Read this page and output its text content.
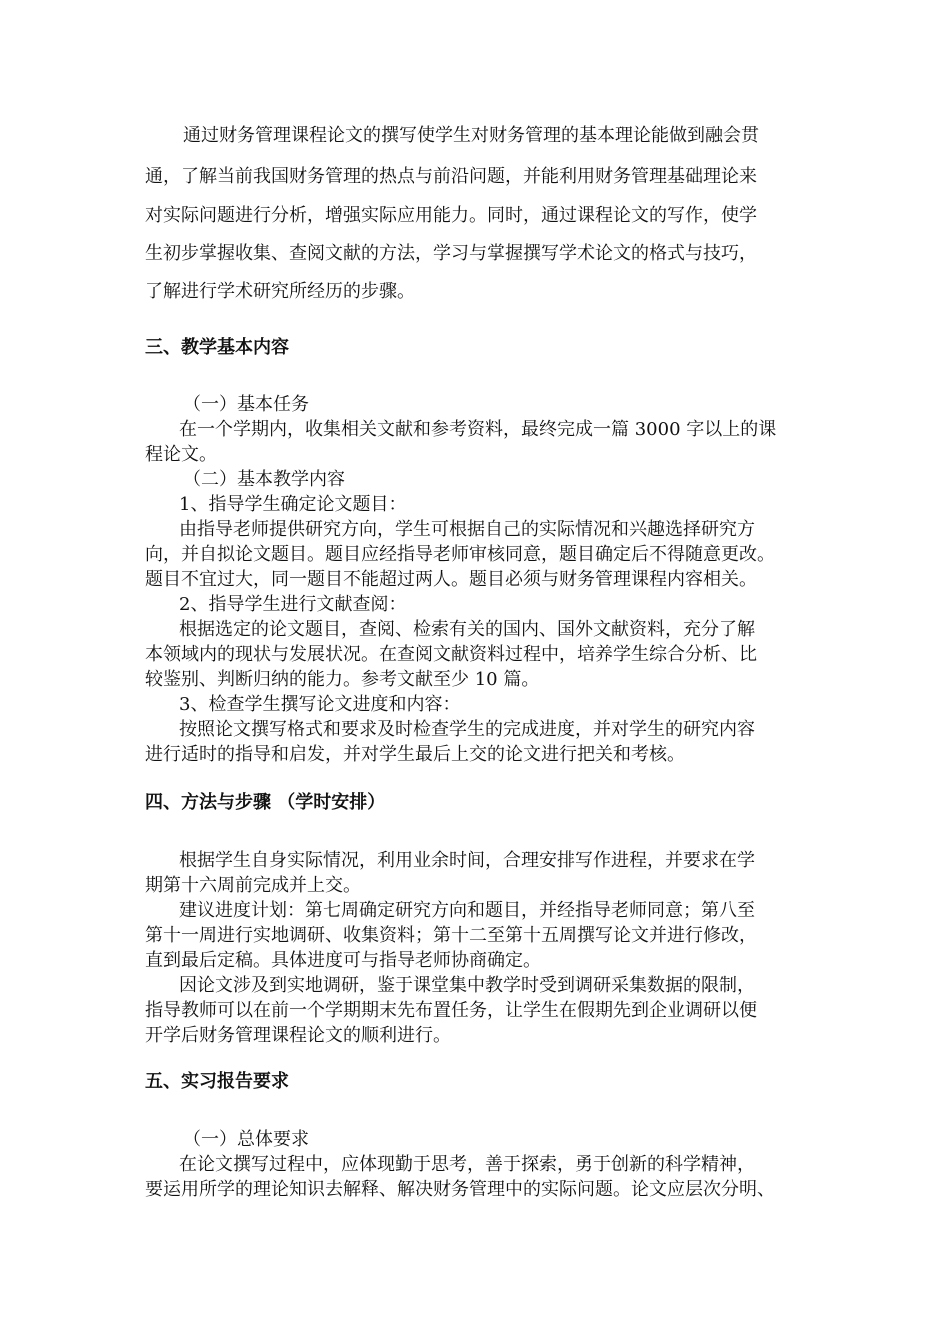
通过财务管理课程论文的撰写使学生对财务管理的基本理论能做到融会贯
通，了解当前我国财务管理的热点与前沿问题，并能利用财务管理基础理论来
对实际问题进行分析，增强实际应用能力。同时，通过课程论文的写作，使学
生初步掌握收集、查阅文献的方法，学习与掌握撰写学术论文的格式与技巧，
了解进行学术研究所经历的步骤。
三、教学基本内容
（一）基本任务
在一个学期内，收集相关文献和参考资料，最终完成一篇 3000 字以上的课
程论文。
（二）基本教学内容
1、指导学生确定论文题目：
由指导老师提供研究方向，学生可根据自己的实际情况和兴趣选择研究方
向，并自拟论文题目。题目应经指导老师审核同意，题目确定后不得随意更改。
题目不宜过大，同一题目不能超过两人。题目必须与财务管理课程内容相关。
2、指导学生进行文献查阅：
根据选定的论文题目，查阅、检索有关的国内、国外文献资料，充分了解
本领域内的现状与发展状况。在查阅文献资料过程中，培养学生综合分析、比
较鉴别、判断归纳的能力。参考文献至少 10 篇。
3、检查学生撰写论文进度和内容：
按照论文撰写格式和要求及时检查学生的完成进度，并对学生的研究内容
进行适时的指导和启发，并对学生最后上交的论文进行把关和考核。
四、方法与步骤 （学时安排）
根据学生自身实际情况，利用业余时间，合理安排写作进程，并要求在学
期第十六周前完成并上交。
建议进度计划：第七周确定研究方向和题目，并经指导老师同意；第八至
第十一周进行实地调研、收集资料；第十二至第十五周撰写论文并进行修改，
直到最后定稿。具体进度可与指导老师协商确定。
因论文涉及到实地调研，鉴于课堂集中教学时受到调研采集数据的限制，
指导教师可以在前一个学期期末先布置任务，让学生在假期先到企业调研以便
开学后财务管理课程论文的顺利进行。
五、实习报告要求
（一）总体要求
在论文撰写过程中，应体现勤于思考，善于探索，勇于创新的科学精神，
要运用所学的理论知识去解释、解决财务管理中的实际问题。论文应层次分明、
